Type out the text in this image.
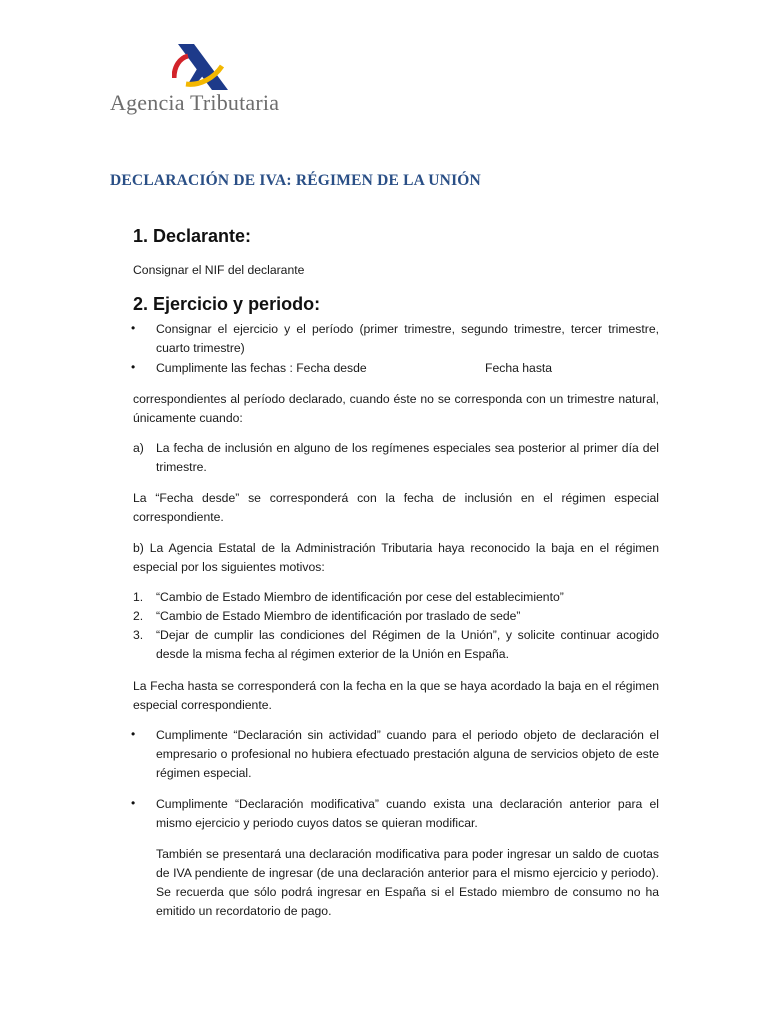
Agencia Tributaria
DECLARACIÓN DE IVA: RÉGIMEN DE LA UNIÓN
1. Declarante:
Consignar el NIF del declarante
2. Ejercicio y periodo:
• Consignar el ejercicio y el período (primer trimestre, segundo trimestre, tercer trimestre, cuarto trimestre)
• Cumplimente las fechas : Fecha desde	Fecha hasta
correspondientes al período declarado, cuando éste no se corresponda con un trimestre natural, únicamente cuando:
a) La fecha de inclusión en alguno de los regímenes especiales sea posterior al primer día del trimestre.
La “Fecha desde” se corresponderá con la fecha de inclusión en el régimen especial correspondiente.
b) La Agencia Estatal de la Administración Tributaria haya reconocido la baja en el régimen especial por los siguientes motivos:
1. “Cambio de Estado Miembro de identificación por cese del establecimiento”
2. “Cambio de Estado Miembro de identificación por traslado de sede”
3. “Dejar de cumplir las condiciones del Régimen de la Unión”, y solicite continuar acogido desde la misma fecha al régimen exterior de la Unión en España.
La Fecha hasta se corresponderá con la fecha en la que se haya acordado la baja en el régimen especial correspondiente.
• Cumplimente “Declaración sin actividad” cuando para el periodo objeto de declaración el empresario o profesional no hubiera efectuado prestación alguna de servicios objeto de este régimen especial.
• Cumplimente “Declaración modificativa” cuando exista una declaración anterior para el mismo ejercicio y periodo cuyos datos se quieran modificar.
También se presentará una declaración modificativa para poder ingresar un saldo de cuotas de IVA pendiente de ingresar (de una declaración anterior para el mismo ejercicio y periodo). Se recuerda que sólo podrá ingresar en España si el Estado miembro de consumo no ha emitido un recordatorio de pago.
